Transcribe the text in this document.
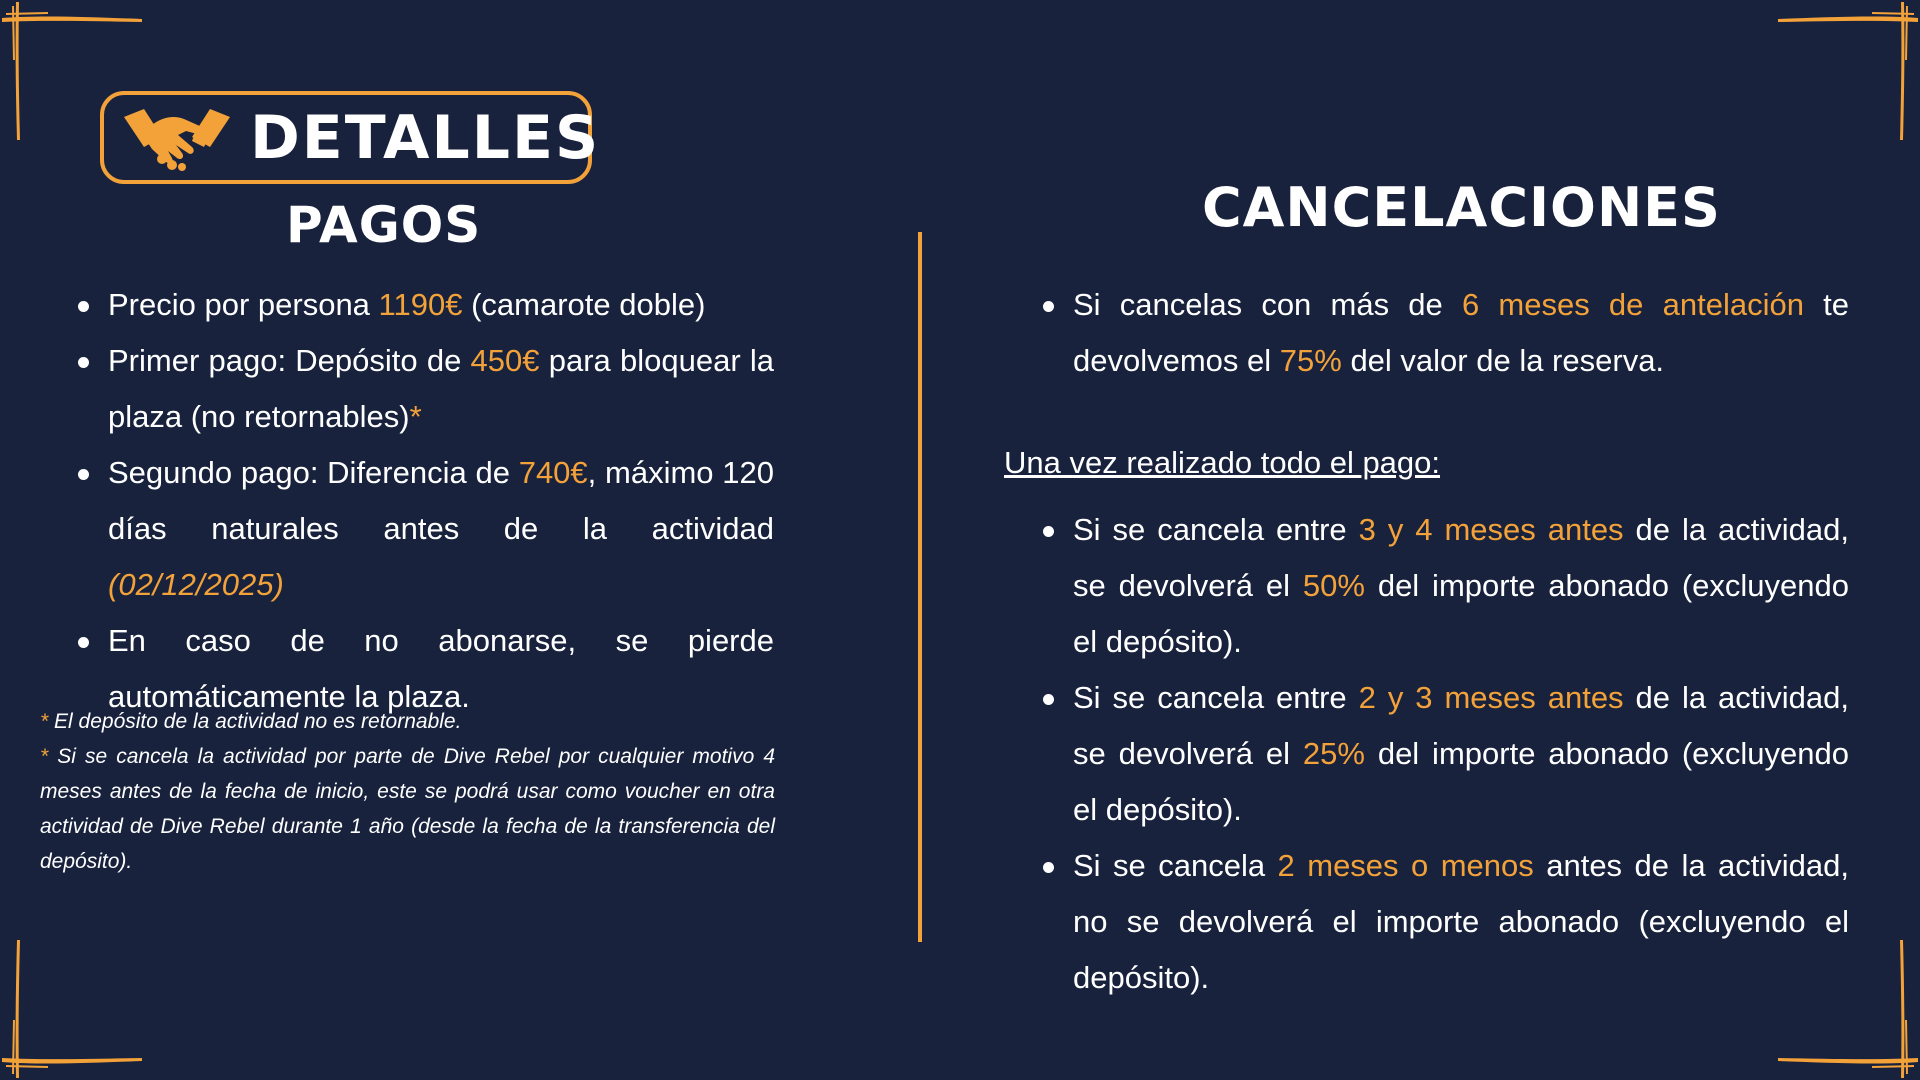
DETALLES
PAGOS
Precio por persona 1190€ (camarote doble)
Primer pago: Depósito de 450€ para bloquear la plaza (no retornables)*
Segundo pago: Diferencia de 740€, máximo 120 días naturales antes de la actividad (02/12/2025)
En caso de no abonarse, se pierde automáticamente la plaza.
* El depósito de la actividad no es retornable.
* Si se cancela la actividad por parte de Dive Rebel por cualquier motivo 4 meses antes de la fecha de inicio, este se podrá usar como voucher en otra actividad de Dive Rebel durante 1 año (desde la fecha de la transferencia del depósito).
CANCELACIONES
Si cancelas con más de 6 meses de antelación te devolvemos el 75% del valor de la reserva.
Una vez realizado todo el pago:
Si se cancela entre 3 y 4 meses antes de la actividad, se devolverá el 50% del importe abonado (excluyendo el depósito).
Si se cancela entre 2 y 3 meses antes de la actividad, se devolverá el 25% del importe abonado (excluyendo el depósito).
Si se cancela 2 meses o menos antes de la actividad, no se devolverá el importe abonado (excluyendo el depósito).
